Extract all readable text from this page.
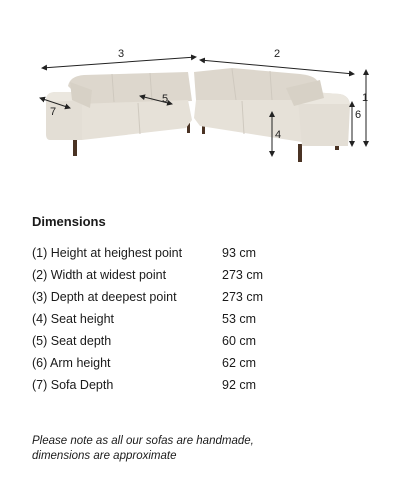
3	2
1
6
5
4
7
Dimensions
(1) Height at heighest point	93 cm
(2) Width at widest point	273 cm
(3) Depth at deepest point	273 cm
(4) Seat height	53 cm
(5) Seat depth	60 cm
(6) Arm height	62 cm
(7) Sofa Depth	92 cm

Please note as all our sofas are handmade,
dimensions are approximate
